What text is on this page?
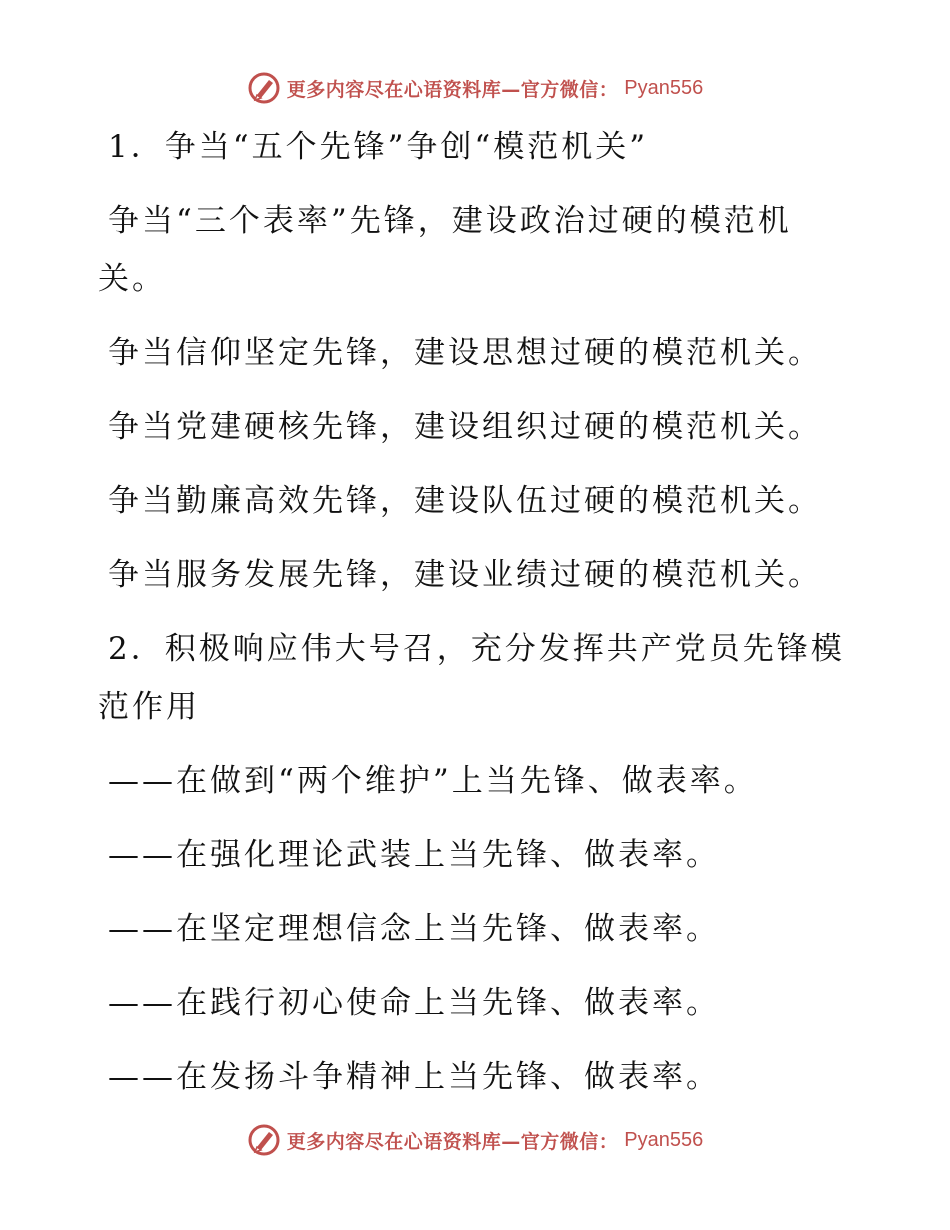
更多内容尽在心语资料库—官方微信： Pyan556

1．争当“五个先锋”争创“模范机关”

争当“三个表率”先锋，建设政治过硬的模范机

关。

争当信仰坚定先锋，建设思想过硬的模范机关。

争当党建硬核先锋，建设组织过硬的模范机关。

争当勤廉高效先锋，建设队伍过硬的模范机关。

争当服务发展先锋，建设业绩过硬的模范机关。

2．积极响应伟大号召，充分发挥共产党员先锋模

范作用

——在做到“两个维护”上当先锋、做表率。

——在强化理论武装上当先锋、做表率。

——在坚定理想信念上当先锋、做表率。

——在践行初心使命上当先锋、做表率。

——在发扬斗争精神上当先锋、做表率。

更多内容尽在心语资料库—官方微信： Pyan556
